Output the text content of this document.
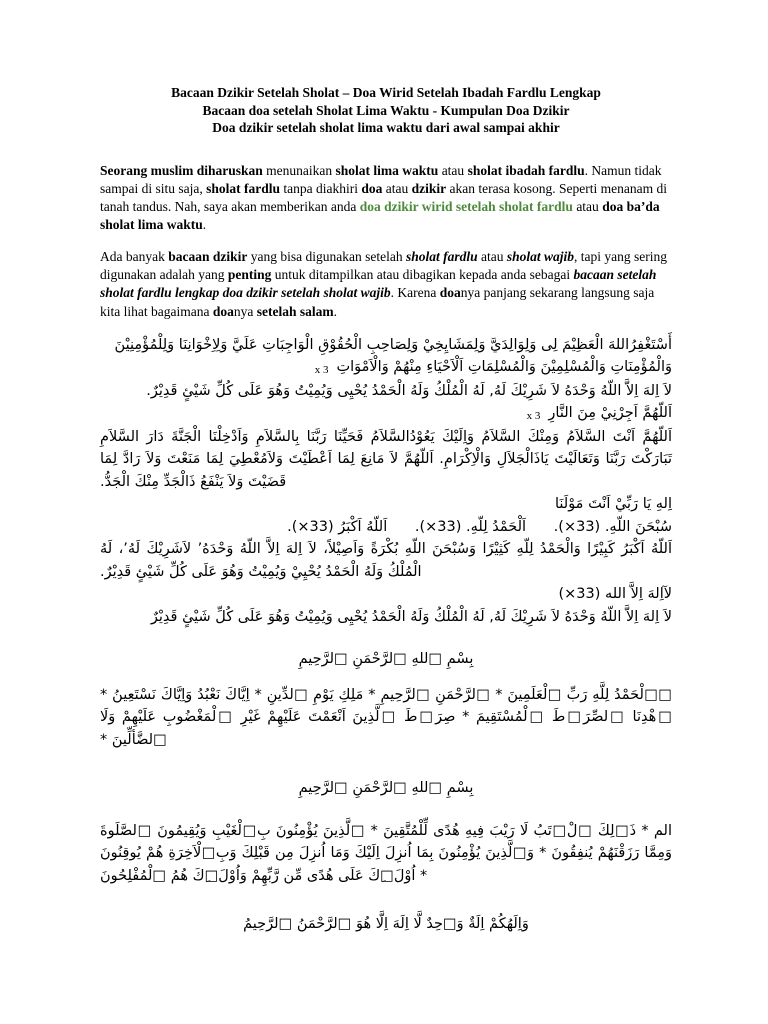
Bacaan Dzikir Setelah Sholat – Doa Wirid Setelah Ibadah Fardlu Lengkap
Bacaan doa setelah Sholat Lima Waktu - Kumpulan Doa Dzikir
Doa dzikir setelah sholat lima waktu dari awal sampai akhir

Seorang muslim diharuskan menunaikan sholat lima waktu atau sholat ibadah fardlu. Namun tidak sampai di situ saja, sholat fardlu tanpa diakhiri doa atau dzikir akan terasa kosong. Seperti menanam di tanah tandus. Nah, saya akan memberikan anda doa dzikir wirid setelah sholat fardlu atau doa ba’da sholat lima waktu.

Ada banyak bacaan dzikir yang bisa digunakan setelah sholat fardlu atau sholat wajib, tapi yang sering digunakan adalah yang penting untuk ditampilkan atau dibagikan kepada anda sebagai bacaan setelah sholat fardlu lengkap doa dzikir setelah sholat wajib. Karena doanya panjang sekarang langsung saja kita lihat bagaimana doanya setelah salam.

أَسْتَغْفِرُاللهَ الْعَظِيْمَ لِى وَلِوَالِدَيَّ وَلِمَشَايِخِيْ وَلِصَاحِبِ الْحُقُوْقِ الْوَاجِبَاتِ عَلَيَّ وَلِاِخْوَانِنَا وَلِلْمُؤْمِنِيْنَ وَالْمُؤْمِنَاتِ وَالْمُسْلِمِيْنَ وَالْمُسْلِمَاتِ اَلْاَحْيَاءِ مِنْهُمْ وَالْاَمْوَاتِx 3
لاَ اِلهَ اِلاَّ اللّهُ وَحْدَهُ لاَ شَرِيْكَ لَهُ, لَهُ الْمُلْكُ وَلَهُ الْحَمْدُ يُحْيِى وَيُمِيْتُ وَهُوَ عَلَى كُلِّ شَيْئٍ قَدِيْرٌ.
اَللّهُمَّ اَجِرْنِيْ مِنَ النَّارِx 3
اَللّهُمَّ اَنْتَ السَّلاَمُ وَمِنْكَ السَّلاَمُ وَاِلَيْكَ يَعُوْدُالسَّلاَمُ فَحَيِّنَا رَبَّنَا بِالسَّلاَمِ وَاَدْخِلْنَا الْجَنَّةَ دَارَ السَّلاَمِ تَبَارَكْتَ رَبَّنَا وَتَعَالَيْتَ يَاذَالْجَلاَلِ وَالْاِكْرَامِ. اَللّهُمَّ لاَ مَانِعَ لِمَا اَعْطَيْتَ وَلاَمُعْطِيَ لِمَا مَنَعْتَ وَلاَ رَادَّ لِمَا قَضَيْتَ وَلاَ يَنْفَعُ ذَالْجَدِّ مِنْكَ الْجَدُّ.
اِلهِ يَا رَبِّيْ اَنْتَ مَوْلَنَا
سُبْحَنَ اللّهِ. ‎(×33)‎.      اَلْحَمْدُ لِلّهِ. ‎(×33)‎.      اَللّهُ اَكْبَرُ ‎(×33)‎.
اَللّهُ اَكْبَرُ كَبِيْرًا وَالْحَمْدُ لِلّهِ كَثِيْرًا وَسُبْحَنَ اللّهِ بُكْرَةً وَاَصِيْلاً، لاَ اِلهَ اِلاَّ اللّهُ وَحْدَهُ’ لاَشَرِيْكَ لَهُ’، لَهُ الْمُلْكُ وَلَهُ الْحَمْدُ يُحْيِيْ وَيُمِيْتُ وَهُوَ عَلَى كُلِّ شَيْئٍ قَدِيْرٌ.
لآاِلهَ اِلاَّ الله ‎(×33)‎
لاَ اِلهَ اِلاَّ اللّهُ وَحْدَهُ لاَ شَرِيْكَ لَهُ, لَهُ الْمُلْكُ وَلَهُ الْحَمْدُ يُحْيِى وَيُمِيْتُ وَهُوَ عَلَى كُلِّ شَيْئٍ قَدِيْرٌ
بِسْمِ □للهِ □لرَّحْمَنِ □لرَّحِيمِ
□□لْحَمْدُ لِلَّهِ رَبِّ □لْعَلَمِينَ * □لرَّحْمَنِ □لرَّحِيمِ * مَلِكِ يَوْمِ □لدِّينِ * اِيَّاكَ نَعْبُدُ وَاِيَّاكَ نَسْتَعِينُ * □هْدِنَا □لصِّرَ□طَ □لْمُسْتَقِيمَ * صِرَ□طَ □لَّذِينَ اَنْعَمْتَ عَلَيْهِمْ غَيْرِ □لْمَغْضُوبِ عَلَيْهِمْ وَلَا □لضَّألِّينَ *
بِسْمِ □للهِ □لرَّحْمَنِ □لرَّحِيمِ
الم * ذَ□لِكَ □لْ□تَبُ لَا رَيْبَ فِيهِ هُدًى لِّلْمُتَّقِينَ * □لَّذِينَ يُؤْمِنُونَ بِ□لْغَيْبِ وَيُقِيمُونَ □لصَّلَوةَ وَمِمَّا رَزَقْنَهُمْ يُنفِقُونَ * وَ□لَّذِينَ يُؤْمِنُونَ بِمَا اُنزِلَ اِلَيْكَ وَمَا اُنزِلَ مِن قَبْلِكَ وَبِ□لْاَخِرَةِ هُمْ يُوقِنُونَ * اُوْلَ□ِكَ عَلَى هُدًى مِّن رَّبِّهِمْ وَاُوْلَ□ِكَ هُمُ □لْمُفْلِحُونَ
وَاِلَهُكُمْ اِلَةٌ وَ□حِدٌ لَّا اِلَهَ اِلَّا هُوَ □لرَّحْمَنُ □لرَّحِيمُ
